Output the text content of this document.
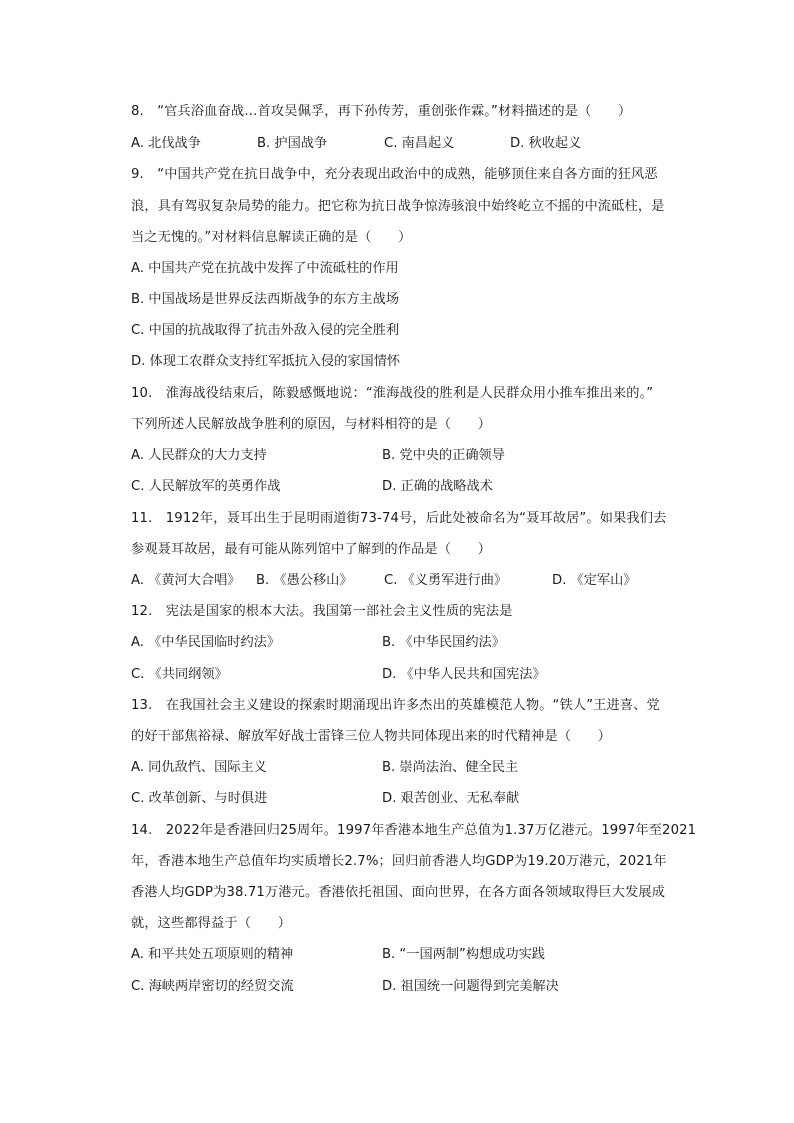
8.　“官兵浴血奋战…首攻吴佩孚，再下孙传芳，重创张作霖。”材料描述的是（　　）
A. 北伐战争	B. 护国战争	C. 南昌起义	D. 秋收起义
9.　“中国共产党在抗日战争中，充分表现出政治中的成熟，能够顶住来自各方面的狂风恶
浪，具有驾驭复杂局势的能力。把它称为抗日战争惊涛骇浪中始终屹立不摇的中流砥柱，是
当之无愧的。”对材料信息解读正确的是（　　）
A. 中国共产党在抗战中发挥了中流砥柱的作用
B. 中国战场是世界反法西斯战争的东方主战场
C. 中国的抗战取得了抗击外敌入侵的完全胜利
D. 体现工农群众支持红军抵抗入侵的家国情怀
10.　淮海战役结束后，陈毅感慨地说：“淮海战役的胜利是人民群众用小推车推出来的。”
下列所述人民解放战争胜利的原因，与材料相符的是（　　）
A. 人民群众的大力支持	B. 党中央的正确领导
C. 人民解放军的英勇作战	D. 正确的战略战术
11.　1912年，聂耳出生于昆明雨道街73-74号，后此处被命名为“聂耳故居”。如果我们去
参观聂耳故居，最有可能从陈列馆中了解到的作品是（　　）
A. 《黄河大合唱》 B. 《愚公移山》 C. 《义勇军进行曲》	D. 《定军山》
12.　宪法是国家的根本大法。我国第一部社会主义性质的宪法是
A. 《中华民国临时约法》	B. 《中华民国约法》
C. 《共同纲领》	D. 《中华人民共和国宪法》
13.　在我国社会主义建设的探索时期涌现出许多杰出的英雄模范人物。“铁人”王进喜、党
的好干部焦裕禄、解放军好战士雷锋三位人物共同体现出来的时代精神是（　　）
A. 同仇敌忾、国际主义	B. 崇尚法治、健全民主
C. 改革创新、与时俱进	D. 艰苦创业、无私奉献
14.　2022年是香港回归25周年。1997年香港本地生产总值为1.37万亿港元。1997年至2021
年，香港本地生产总值年均实质增长2.7%；回归前香港人均GDP为19.20万港元，2021年
香港人均GDP为38.71万港元。香港依托祖国、面向世界，在各方面各领域取得巨大发展成
就，这些都得益于（　　）
A. 和平共处五项原则的精神	B. “一国两制”构想成功实践
C. 海峡两岸密切的经贸交流	D. 祖国统一问题得到完美解决
